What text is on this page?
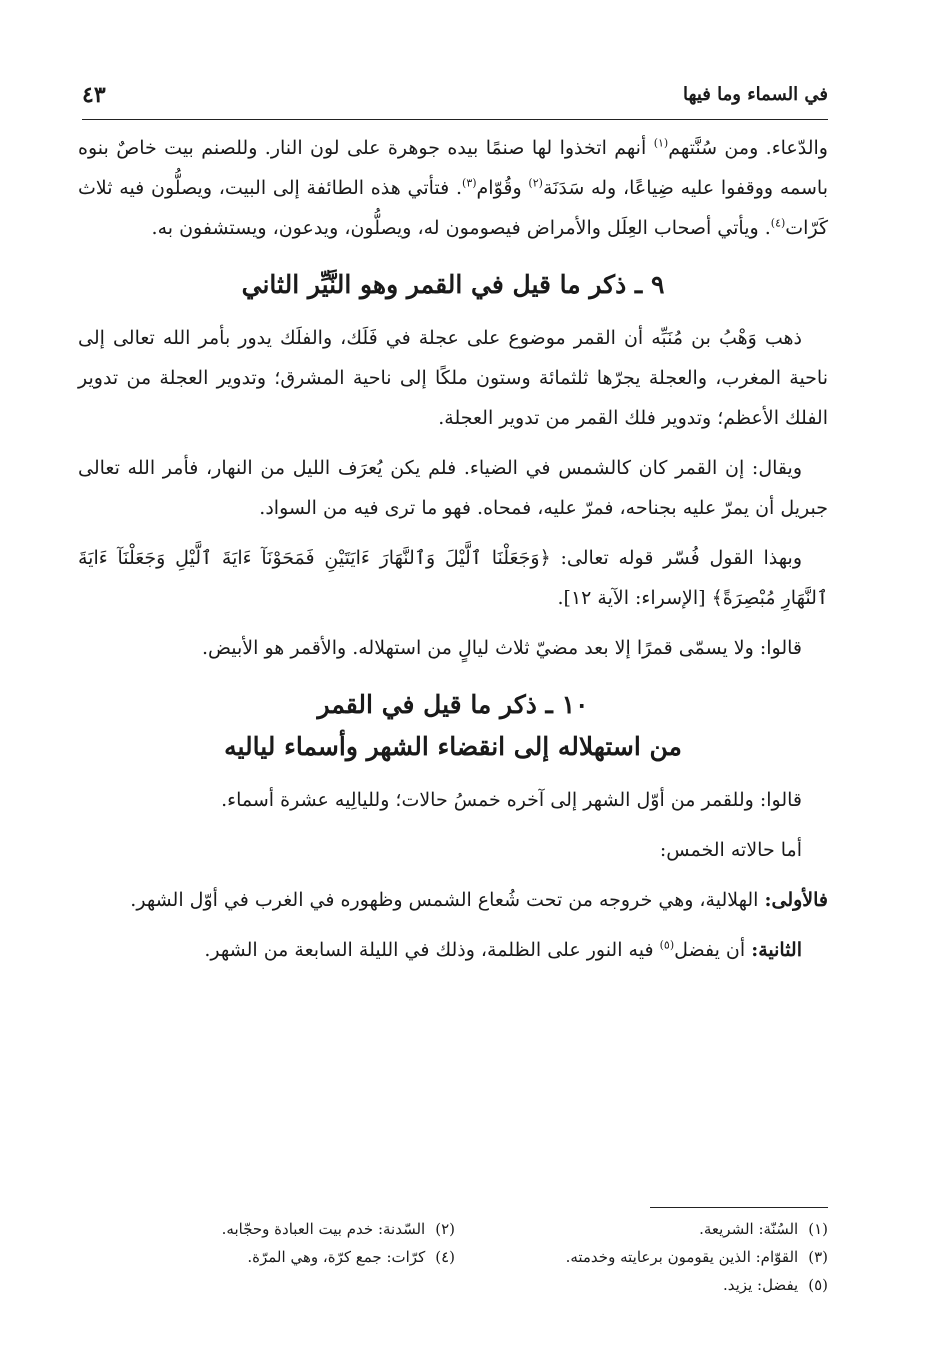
في السماء وما فيها
٤٣

والدّعاء. ومن سُنَّتهم$^{(١)}$ أنهم اتخذوا لها صنمًا بيده جوهرة على لون النار. وللصنم بيت خاصٌ بنوه باسمه ووقفوا عليه ضِياعًا، وله سَدَنَة$^{(٢)}$ وقُوّام$^{(٣)}$. فتأتي هذه الطائفة إلى البيت، ويصلُّون فيه ثلاث كَرّات$^{(٤)}$. ويأتي أصحاب العِلَل والأمراض فيصومون له، ويصلُّون، ويدعون، ويستشفون به.

٩ ـ ذكر ما قيل في القمر وهو النَّيِّر الثاني

ذهب وَهْبُ بن مُنَبِّه أن القمر موضوع على عجلة في فَلَك، والفلَك يدور بأمر الله تعالى إلى ناحية المغرب، والعجلة يجرّها ثلثمائة وستون ملكًا إلى ناحية المشرق؛ وتدوير العجلة من تدوير الفلك الأعظم؛ وتدوير فلك القمر من تدوير العجلة.

ويقال: إن القمر كان كالشمس في الضياء. فلم يكن يُعرَف الليل من النهار، فأمر الله تعالى جبريل أن يمرّ عليه بجناحه، فمرّ عليه، فمحاه. فهو ما ترى فيه من السواد.

وبهذا القول فُسّر قوله تعالى: ﴿وَجَعَلْنَا ٱلَّيْلَ وَٱلنَّهَارَ ءَايَتَيْنِ فَمَحَوْنَآ ءَايَةَ ٱلَّيْلِ وَجَعَلْنَآ ءَايَةَ ٱلنَّهَارِ مُبْصِرَةً﴾ [الإسراء: الآية ١٢].

قالوا: ولا يسمّى قمرًا إلا بعد مضيّ ثلاث ليالٍ من استهلاله. والأقمر هو الأبيض.

١٠ ـ ذكر ما قيل في القمر
من استهلاله إلى انقضاء الشهر وأسماء لياليه

قالوا: وللقمر من أوّل الشهر إلى آخره خمسُ حالات؛ ولليالِيه عشرة أسماء.

أما حالاته الخمس:

فالأولى: الهلالية، وهي خروجه من تحت شُعاع الشمس وظهوره في الغرب في أوّل الشهر.

الثانية: أن يفضل$^{(٥)}$ فيه النور على الظلمة، وذلك في الليلة السابعة من الشهر.

(١)السُنّة: الشريعة.
(٢)السّدنة: خدم بيت العبادة وحجّابه.
(٣)القوّام: الذين يقومون برعايته وخدمته.
(٤)كرّات: جمع كرّة، وهي المرّة.
(٥)يفضل: يزيد.
